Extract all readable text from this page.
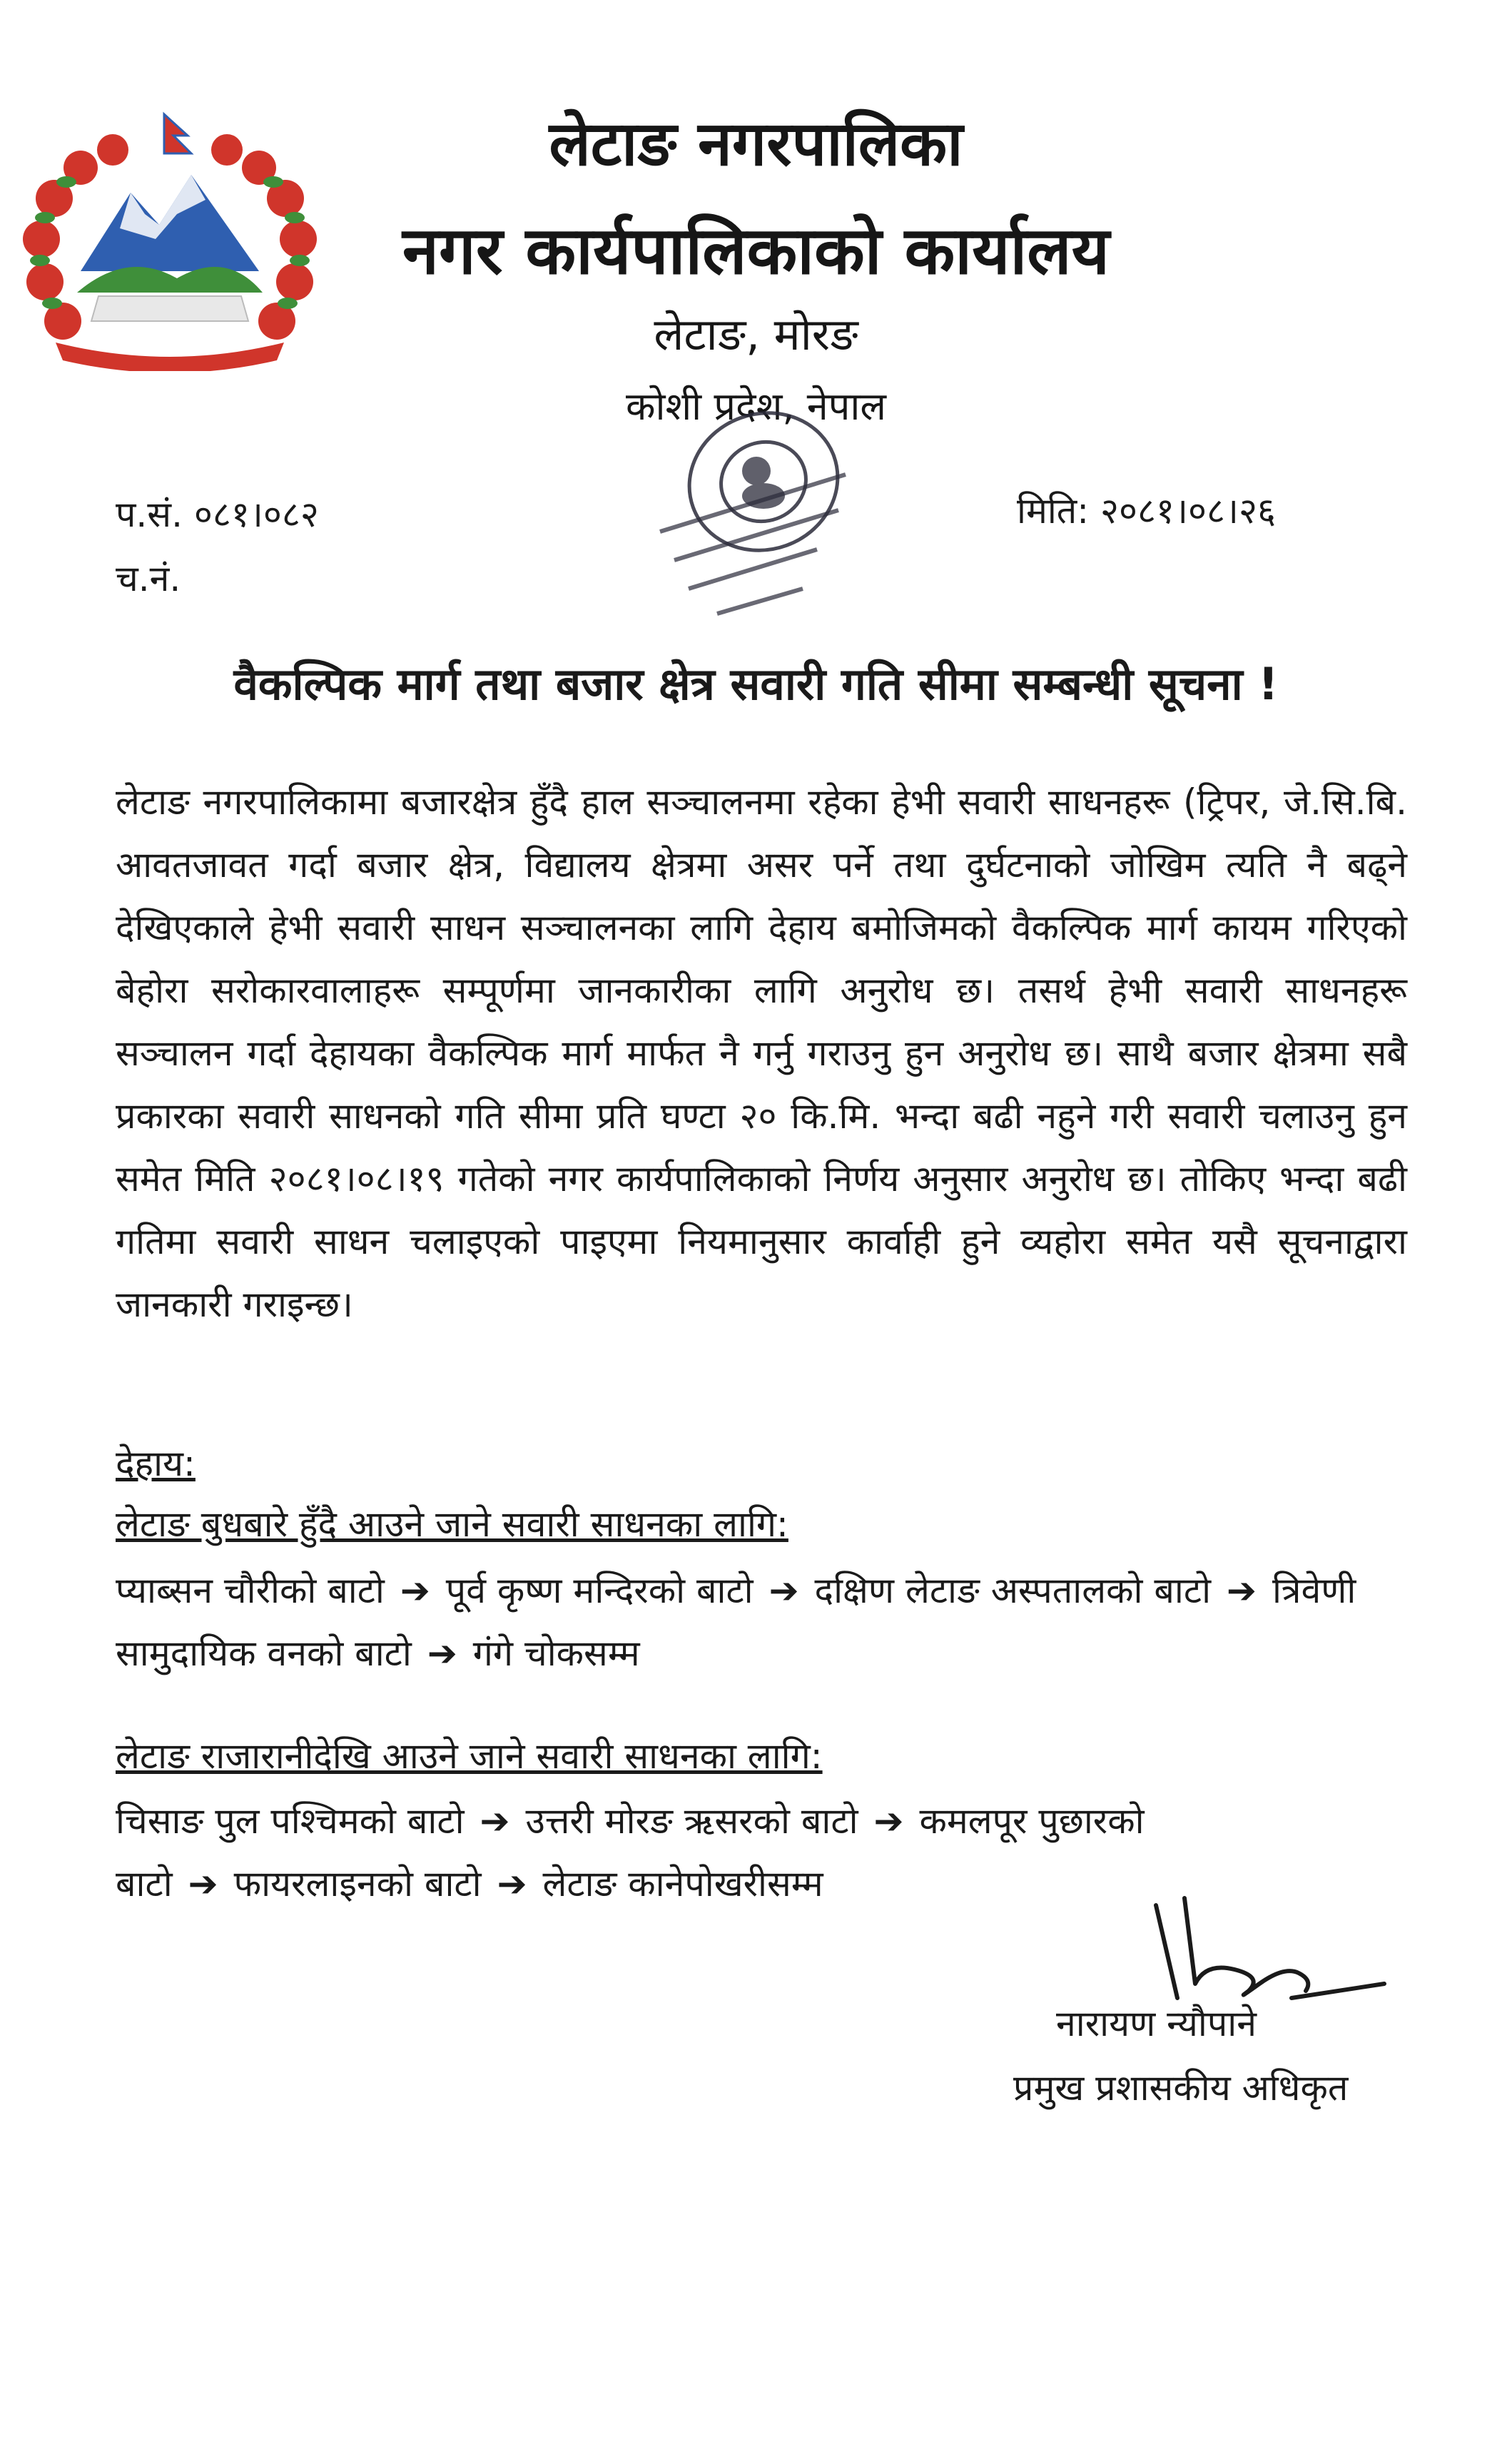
लेटाङ नगरपालिका
नगर कार्यपालिकाको कार्यालय
लेटाङ, मोरङ
कोशी प्रदेश, नेपाल
प.सं. ०८१।०८२
च.नं.
मिति: २०८१।०८।२६
वैकल्पिक मार्ग तथा बजार क्षेत्र सवारी गति सीमा सम्बन्धी सूचना !
लेटाङ नगरपालिकामा बजारक्षेत्र हुँदै हाल सञ्चालनमा रहेका हेभी सवारी साधनहरू (ट्रिपर, जे.सि.बि. आवतजावत गर्दा बजार क्षेत्र, विद्यालय क्षेत्रमा असर पर्ने तथा दुर्घटनाको जोखिम त्यति नै बढ्ने देखिएकाले हेभी सवारी साधन सञ्चालनका लागि देहाय बमोजिमको वैकल्पिक मार्ग कायम गरिएको बेहोरा सरोकारवालाहरू सम्पूर्णमा जानकारीका लागि अनुरोध छ। तसर्थ हेभी सवारी साधनहरू सञ्चालन गर्दा देहायका वैकल्पिक मार्ग मार्फत नै गर्नु गराउनु हुन अनुरोध छ। साथै बजार क्षेत्रमा सबै प्रकारका सवारी साधनको गति सीमा प्रति घण्टा २० कि.मि. भन्दा बढी नहुने गरी सवारी चलाउनु हुन समेत मिति २०८१।०८।१९ गतेको नगर कार्यपालिकाको निर्णय अनुसार अनुरोध छ। तोकिए भन्दा बढी गतिमा सवारी साधन चलाइएको पाइएमा नियमानुसार कार्वाही हुने व्यहोरा समेत यसै सूचनाद्वारा जानकारी गराइन्छ।
देहाय:
लेटाङ बुधबारे हुँदै आउने जाने सवारी साधनका लागि:
प्याब्सन चौरीको बाटो ➔ पूर्व कृष्ण मन्दिरको बाटो ➔ दक्षिण लेटाङ अस्पतालको बाटो ➔ त्रिवेणी सामुदायिक वनको बाटो ➔ गंगे चोकसम्म
लेटाङ राजारानीदेखि आउने जाने सवारी साधनका लागि:
चिसाङ पुल पश्चिमको बाटो ➔ उत्तरी मोरङ ऋसरको बाटो ➔ कमलपूर पुछारको बाटो ➔ फायरलाइनको बाटो ➔ लेटाङ कानेपोखरीसम्म
नारायण न्यौपाने
प्रमुख प्रशासकीय अधिकृत
